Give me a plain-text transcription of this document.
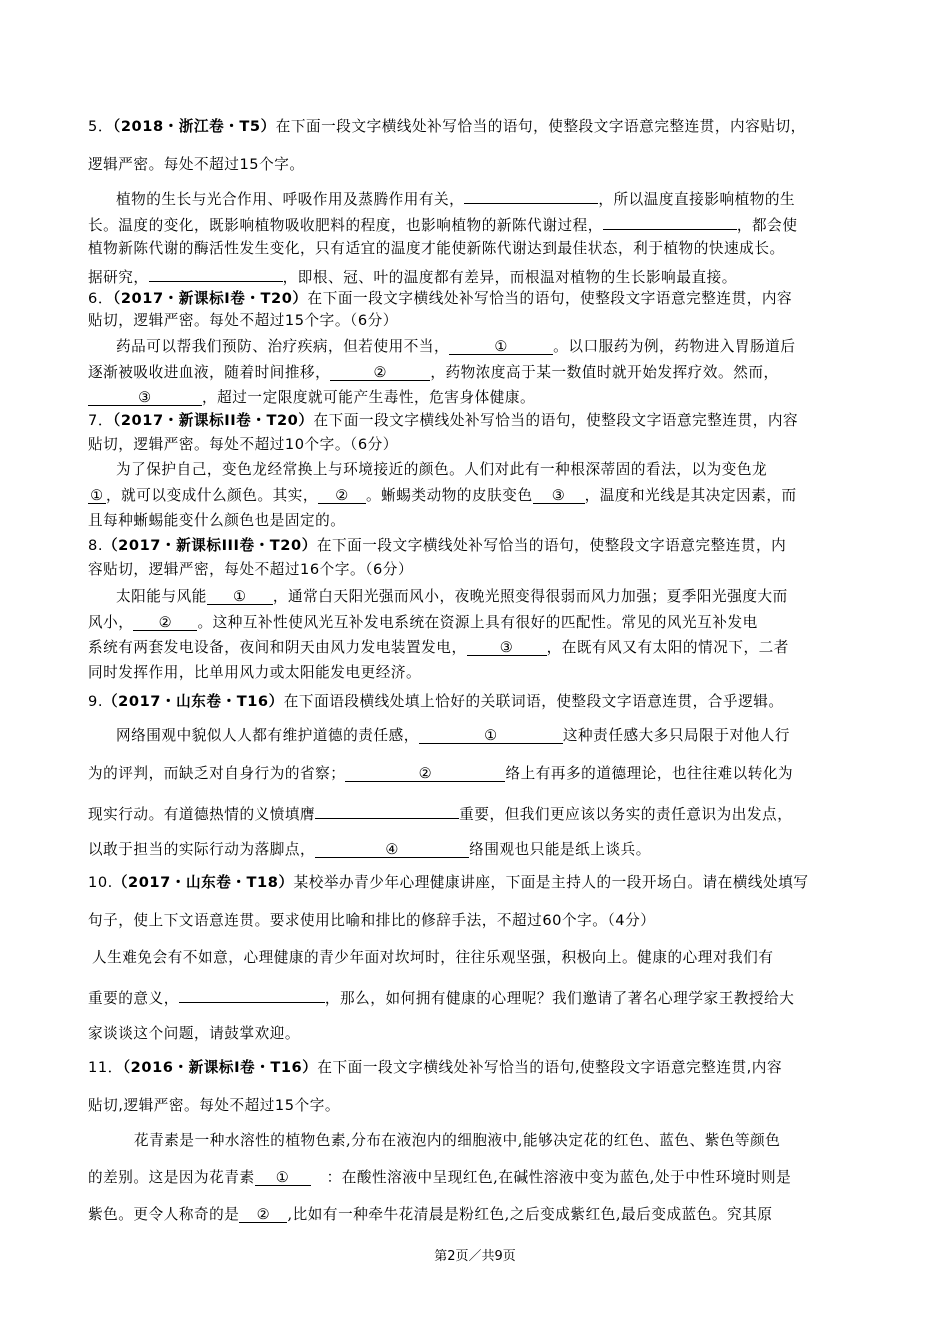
5．（2018・浙江卷・T5）在下面一段文字横线处补写恰当的语句，使整段文字语意完整连贯，内容贴切，
逻辑严密。每处不超过15个字。
植物的生长与光合作用、呼吸作用及蒸腾作用有关，	，所以温度直接影响植物的生
长。温度的变化，既影响植物吸收肥料的程度，也影响植物的新陈代谢过程，	，都会使
植物新陈代谢的酶活性发生变化，只有适宜的温度才能使新陈代谢达到最佳状态，利于植物的快速成长。
据研究，	，即根、冠、叶的温度都有差异，而根温对植物的生长影响最直接。
6．（2017・新课标Ⅰ卷・T20）在下面一段文字横线处补写恰当的语句，使整段文字语意完整连贯，内容
贴切，逻辑严密。每处不超过15个字。（6分）
药品可以帮我们预防、治疗疾病，但若使用不当，	①	。以口服药为例，药物进入胃肠道后
逐渐被吸收进血液，随着时间推移，	②	，药物浓度高于某一数值时就开始发挥疗效。然而，
③	，超过一定限度就可能产生毒性，危害身体健康。
7．（2017・新课标II卷・T20）在下面一段文字横线处补写恰当的语句，使整段文字语意完整连贯，内容
贴切，逻辑严密。每处不超过10个字。（6分）
为了保护自己，变色龙经常换上与环境接近的颜色。人们对此有一种根深蒂固的看法，以为变色龙
① ，就可以变成什么颜色。其实， ② 。蜥蜴类动物的皮肤变色 ③ ，温度和光线是其决定因素，而
且每种蜥蜴能变什么颜色也是固定的。
8.（2017・新课标III卷・T20）在下面一段文字横线处补写恰当的语句，使整段文字语意完整连贯，内
容贴切，逻辑严密，每处不超过16个字。（6分）
太阳能与风能 ① ，通常白天阳光强而风小，夜晚光照变得很弱而风力加强；夏季阳光强度大而
风小， ② 。这种互补性使风光互补发电系统在资源上具有很好的匹配性。常见的风光互补发电
系统有两套发电设备，夜间和阴天由风力发电装置发电， ③ ，在既有风又有太阳的情况下，二者
同时发挥作用，比单用风力或太阳能发电更经济。
9.（2017・山东卷・T16）在下面语段横线处填上恰好的关联词语，使整段文字语意连贯，合乎逻辑。
网络围观中貌似人人都有维护道德的责任感，	①	这种责任感大多只局限于对他人行
为的评判，而缺乏对自身行为的省察；	②	络上有再多的道德理论，也往往难以转化为
现实行动。有道德热情的义愤填膺	重要，但我们更应该以务实的责任意识为出发点，
以敢于担当的实际行动为落脚点，	④	络围观也只能是纸上谈兵。
10.（2017・山东卷・T18）某校举办青少年心理健康讲座，下面是主持人的一段开场白。请在横线处填写
句子，使上下文语意连贯。要求使用比喻和排比的修辞手法，不超过60个字。（4分）
人生难免会有不如意，心理健康的青少年面对坎坷时，往往乐观坚强，积极向上。健康的心理对我们有
重要的意义，	，那么，如何拥有健康的心理呢？我们邀请了著名心理学家王教授给大
家谈谈这个问题，请鼓掌欢迎。
11．（2016・新课标Ⅰ卷・T16）在下面一段文字横线处补写恰当的语句,使整段文字语意完整连贯,内容
贴切,逻辑严密。每处不超过15个字。
花青素是一种水溶性的植物色素,分布在液泡内的细胞液中,能够决定花的红色、蓝色、紫色等颜色
的差别。这是因为花青素 ①	：在酸性溶液中呈现红色,在碱性溶液中变为蓝色,处于中性环境时则是
紫色。更令人称奇的是 ② ,比如有一种牵牛花清晨是粉红色,之后变成紫红色,最后变成蓝色。究其原
第2页／共9页
